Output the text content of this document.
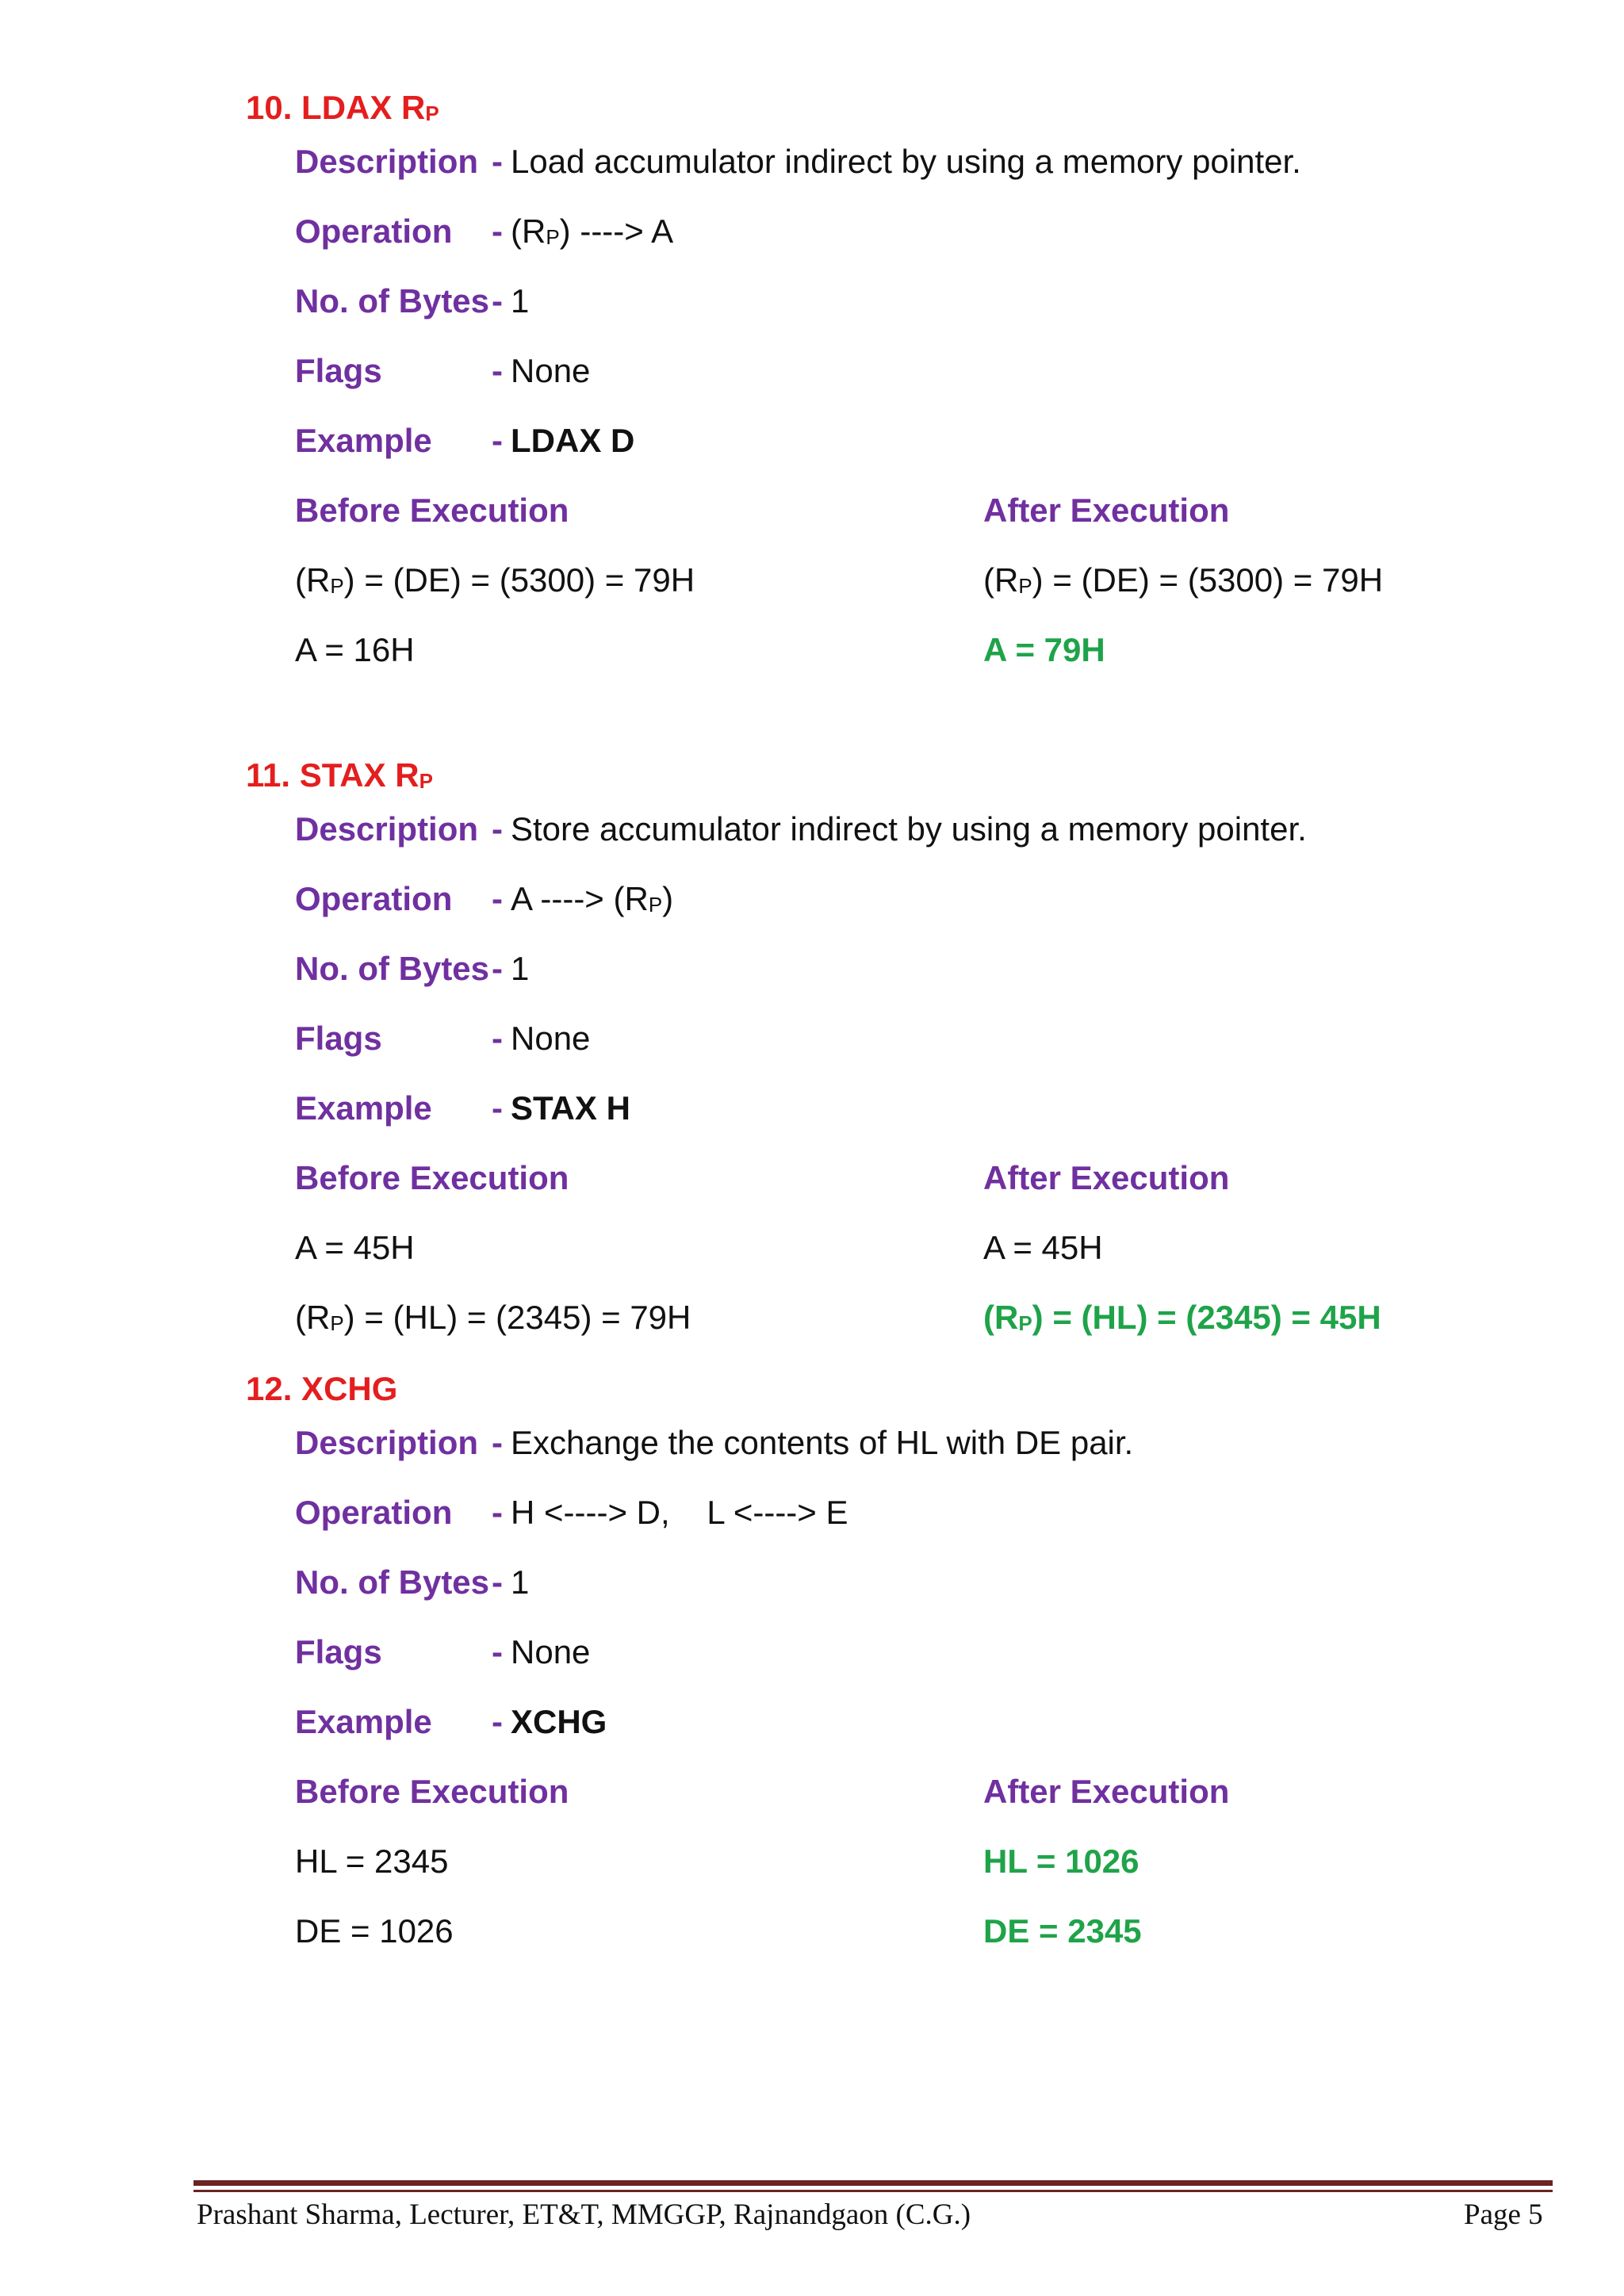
10. LDAX RP
Description - Load accumulator indirect by using a memory pointer.
Operation - (RP) ----> A
No. of Bytes- 1
Flags	- None
Example - LDAX D
Before Execution	After Execution
(RP) = (DE) = (5300) = 79H	(RP) = (DE) = (5300) = 79H
A = 16H	A = 79H
11. STAX RP
Description - Store accumulator indirect by using a memory pointer.
Operation - A ----> (RP)
No. of Bytes- 1
Flags	- None
Example - STAX H
Before Execution	After Execution
A = 45H	A = 45H
(RP) = (HL) = (2345) = 79H	(RP) = (HL) = (2345) = 45H
12. XCHG
Description - Exchange the contents of HL with DE pair.
Operation - H <----> D,    L <----> E
No. of Bytes- 1
Flags	- None
Example - XCHG
Before Execution	After Execution
HL = 2345	HL = 1026
DE = 1026	DE = 2345
Prashant Sharma, Lecturer, ET&T, MMGGP, Rajnandgaon (C.G.)	Page 5
